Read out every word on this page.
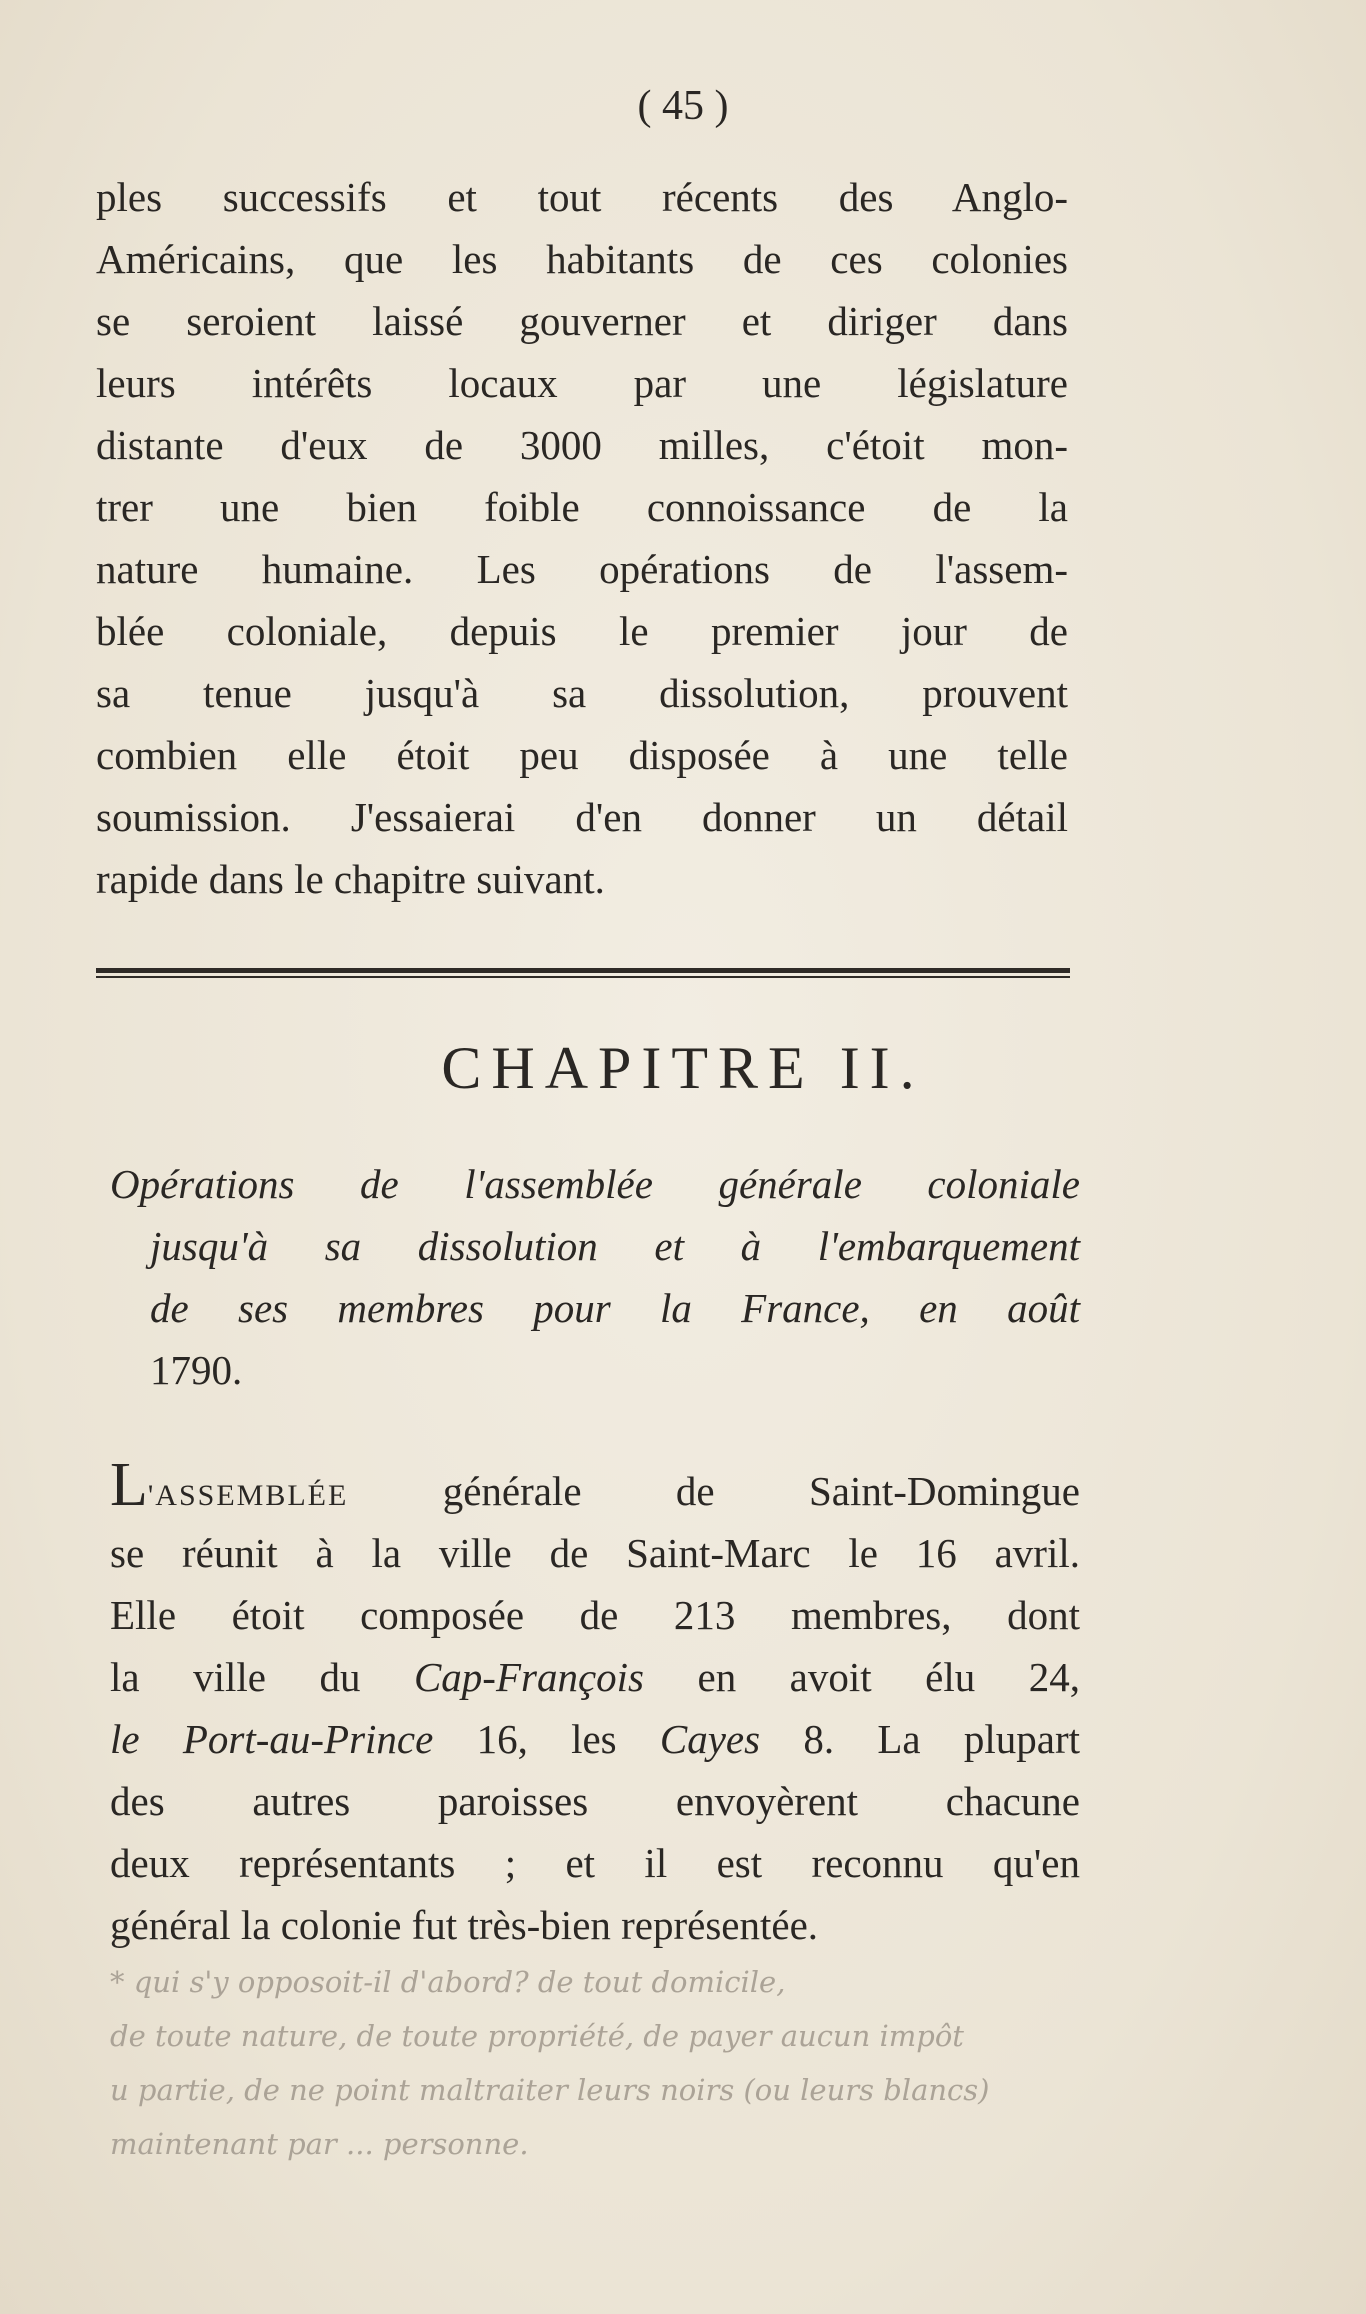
( 45 )
ples successifs et tout récents des Anglo-
Américains, que les habitants de ces colonies
se seroient laissé gouverner et diriger dans
leurs intérêts locaux par une législature
distante d'eux de 3000 milles, c'étoit mon-
trer une bien foible connoissance de la
nature humaine. Les opérations de l'assem-
blée coloniale, depuis le premier jour de
sa tenue jusqu'à sa dissolution, prouvent
combien elle étoit peu disposée à une telle
soumission. J'essaierai d'en donner un détail
rapide dans le chapitre suivant.
CHAPITRE II.
Opérations de l'assemblée générale coloniale
jusqu'à sa dissolution et à l'embarquement
de ses membres pour la France, en août
1790.
L'ASSEMBLÉE générale de Saint-Domingue
se réunit à la ville de Saint-Marc le 16 avril.
Elle étoit composée de 213 membres, dont
la ville du Cap-François en avoit élu 24,
le Port-au-Prince 16, les Cayes 8. La plupart
des autres paroisses envoyèrent chacune
deux représentants ; et il est reconnu qu'en
général la colonie fut très-bien représentée.
* qui s'y opposoit-il d'abord? de tout domicile,
de toute nature, de toute propriété, de payer aucun impôt
u partie, de ne point maltraiter leurs noirs (ou leurs blancs)
maintenant par ... personne.
